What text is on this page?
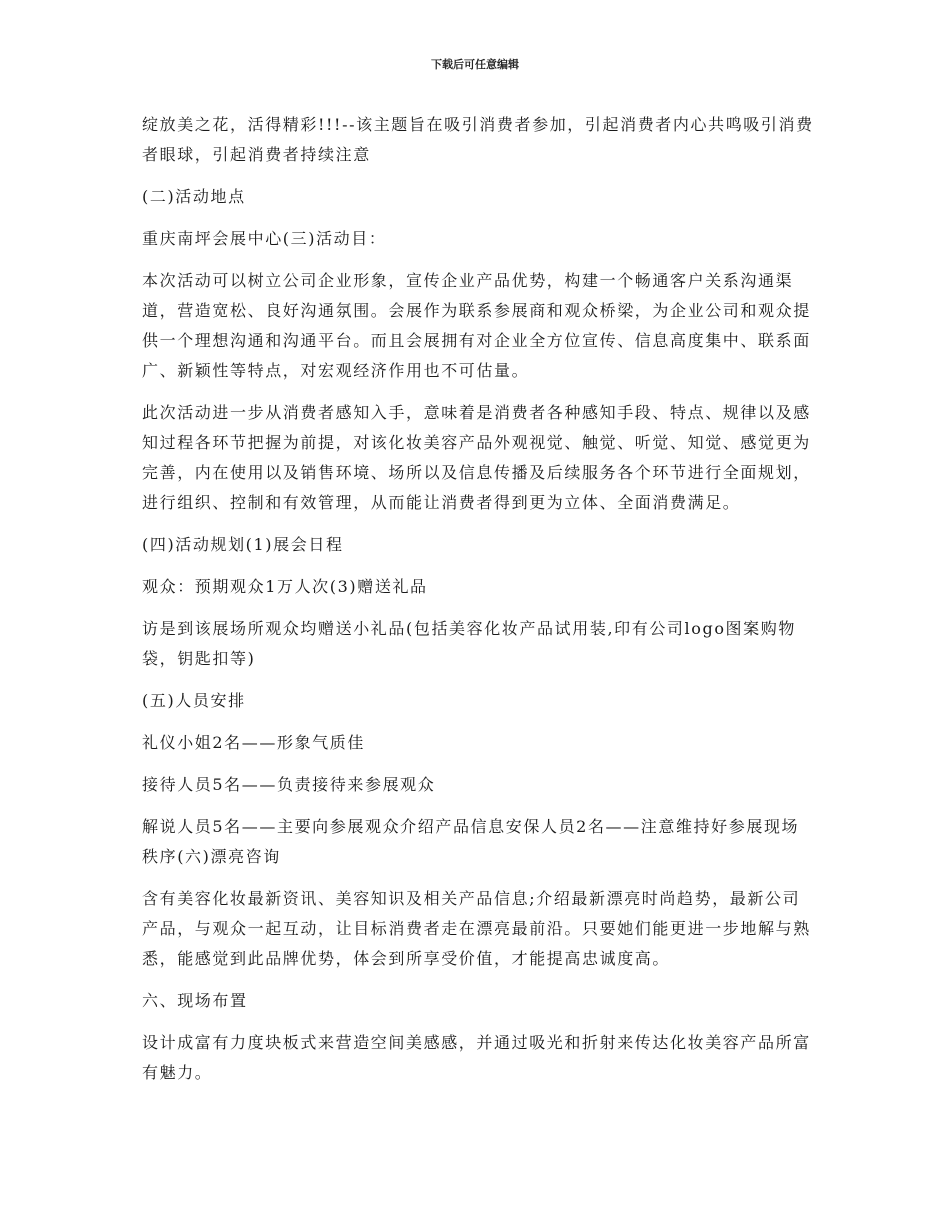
下载后可任意编辑

绽放美之花，活得精彩!!!--该主题旨在吸引消费者参加，引起消费者内心共鸣吸引消费者眼球，引起消费者持续注意

(二)活动地点

重庆南坪会展中心(三)活动目：

本次活动可以树立公司企业形象，宣传企业产品优势，构建一个畅通客户关系沟通渠道，营造宽松、良好沟通氛围。会展作为联系参展商和观众桥梁，为企业公司和观众提供一个理想沟通和沟通平台。而且会展拥有对企业全方位宣传、信息高度集中、联系面广、新颖性等特点，对宏观经济作用也不可估量。

此次活动进一步从消费者感知入手，意味着是消费者各种感知手段、特点、规律以及感知过程各环节把握为前提，对该化妆美容产品外观视觉、触觉、听觉、知觉、感觉更为完善，内在使用以及销售环境、场所以及信息传播及后续服务各个环节进行全面规划，进行组织、控制和有效管理，从而能让消费者得到更为立体、全面消费满足。

(四)活动规划(1)展会日程

观众：预期观众1万人次(3)赠送礼品

访是到该展场所观众均赠送小礼品(包括美容化妆产品试用装,印有公司logo图案购物袋，钥匙扣等)

(五)人员安排

礼仪小姐2名——形象气质佳

接待人员5名——负责接待来参展观众

解说人员5名——主要向参展观众介绍产品信息安保人员2名——注意维持好参展现场秩序(六)漂亮咨询

含有美容化妆最新资讯、美容知识及相关产品信息;介绍最新漂亮时尚趋势，最新公司产品，与观众一起互动，让目标消费者走在漂亮最前沿。只要她们能更进一步地解与熟悉，能感觉到此品牌优势，体会到所享受价值，才能提高忠诚度高。

六、现场布置

设计成富有力度块板式来营造空间美感感，并通过吸光和折射来传达化妆美容产品所富有魅力。
